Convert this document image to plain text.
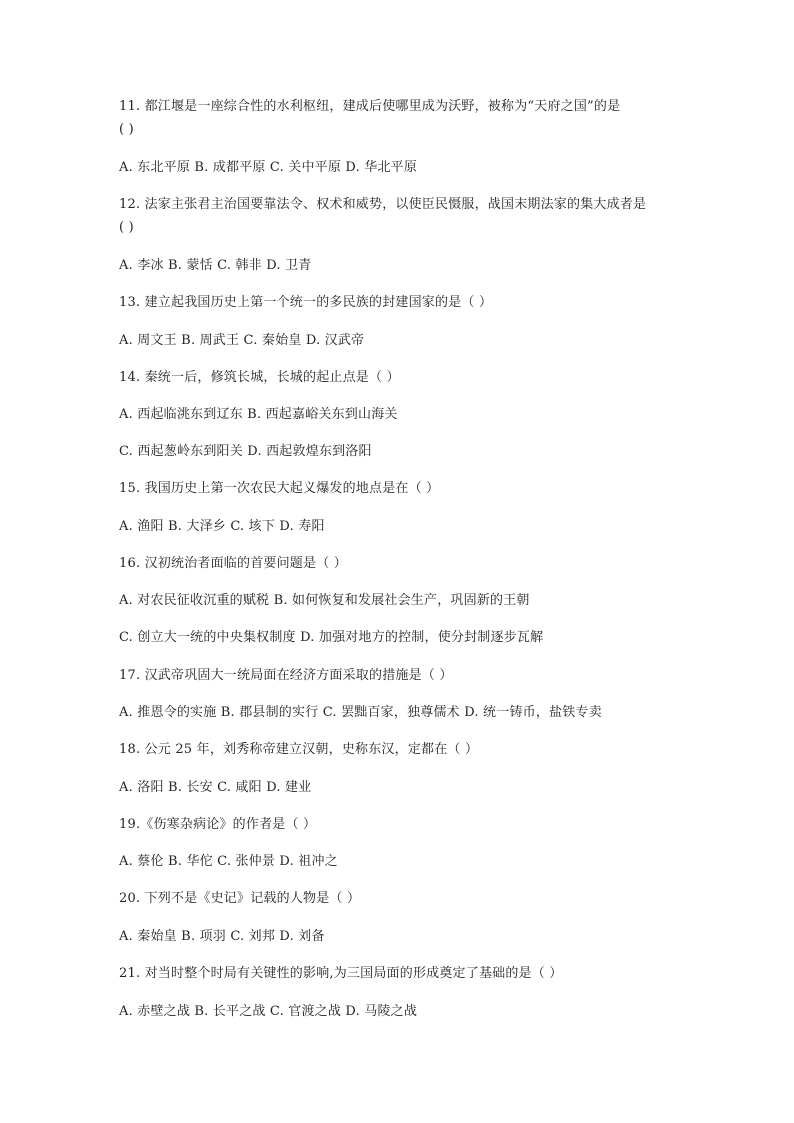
11. 都江堰是一座综合性的水利枢纽，建成后使哪里成为沃野，被称为“天府之国”的是
( )
A. 东北平原 B. 成都平原 C. 关中平原 D. 华北平原
12. 法家主张君主治国要靠法令、权术和威势，以使臣民慑服，战国末期法家的集大成者是
( )
A. 李冰 B. 蒙恬 C. 韩非 D. 卫青
13. 建立起我国历史上第一个统一的多民族的封建国家的是（ ）
A. 周文王 B. 周武王 C. 秦始皇 D. 汉武帝
14. 秦统一后，修筑长城，长城的起止点是（ ）
A. 西起临洮东到辽东 B. 西起嘉峪关东到山海关
C. 西起葱岭东到阳关 D. 西起敦煌东到洛阳
15. 我国历史上第一次农民大起义爆发的地点是在（ ）
A. 渔阳 B. 大泽乡 C. 垓下 D. 寿阳
16. 汉初统治者面临的首要问题是（ ）
A. 对农民征收沉重的赋税 B. 如何恢复和发展社会生产，巩固新的王朝
C. 创立大一统的中央集权制度 D. 加强对地方的控制，使分封制逐步瓦解
17. 汉武帝巩固大一统局面在经济方面采取的措施是（ ）
A. 推恩令的实施 B. 郡县制的实行 C. 罢黜百家，独尊儒术 D. 统一铸币，盐铁专卖
18. 公元 25 年，刘秀称帝建立汉朝，史称东汉，定都在（ ）
A. 洛阳 B. 长安 C. 咸阳 D. 建业
19.《伤寒杂病论》的作者是（ ）
A. 蔡伦 B. 华佗 C. 张仲景 D. 祖冲之
20. 下列不是《史记》记载的人物是（ ）
A. 秦始皇 B. 项羽 C. 刘邦 D. 刘备
21. 对当时整个时局有关键性的影响,为三国局面的形成奠定了基础的是（ ）
A. 赤壁之战 B. 长平之战 C. 官渡之战 D. 马陵之战
